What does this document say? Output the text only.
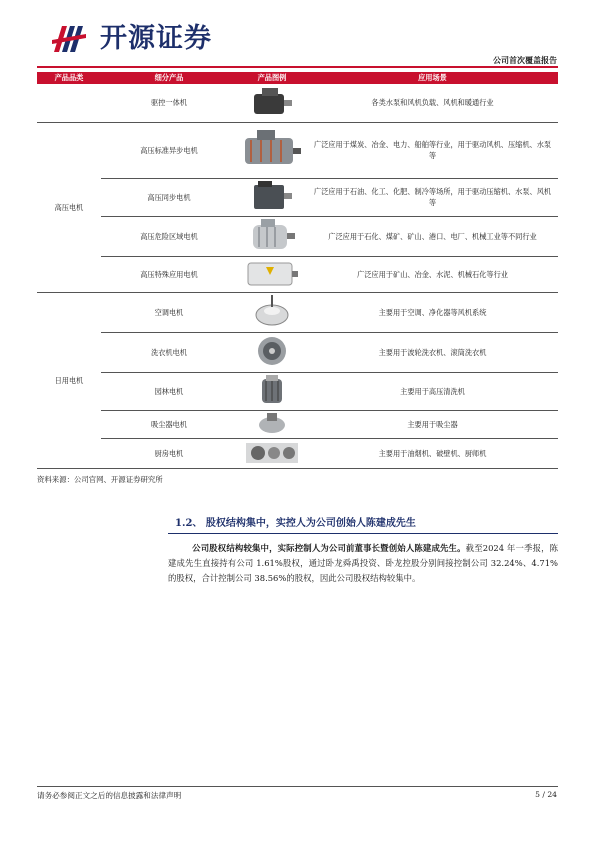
开源证券
公司首次覆盖报告
产品品类	细分产品	产品图例	应用场景
	驱控一体机		各类水泵和风机负载、风机和暖通行业
高压电机	高压标准异步电机		广泛应用于煤炭、冶金、电力、船舶等行业，用于驱动风机、压缩机、水泵等
	高压同步电机		广泛应用于石油、化工、化肥、制冷等场所，用于驱动压缩机、水泵、风机等
	高压危险区域电机		广泛应用于石化、煤矿、矿山、港口、电厂、机械工业等不同行业
	高压特殊应用电机		广泛应用于矿山、冶金、水泥、机械石化等行业
日用电机	空调电机		主要用于空调、净化器等风机系统
	洗衣机电机		主要用于波轮洗衣机、滚筒洗衣机
	园林电机		主要用于高压清洗机
	吸尘器电机		主要用于吸尘器
	厨房电机		主要用于油烟机、破壁机、厨师机
资料来源：公司官网、开源证券研究所
1.2、 股权结构集中，实控人为公司创始人陈建成先生
公司股权结构较集中，实际控制人为公司前董事长暨创始人陈建成先生。截至2024 年一季报，陈建成先生直接持有公司 1.61%股权，通过卧龙舜禹投资、卧龙控股分别间接控制公司 32.24%、4.71%的股权，合计控制公司 38.56%的股权，因此公司股权结构较集中。
请务必参阅正文之后的信息披露和法律声明	5 / 24
